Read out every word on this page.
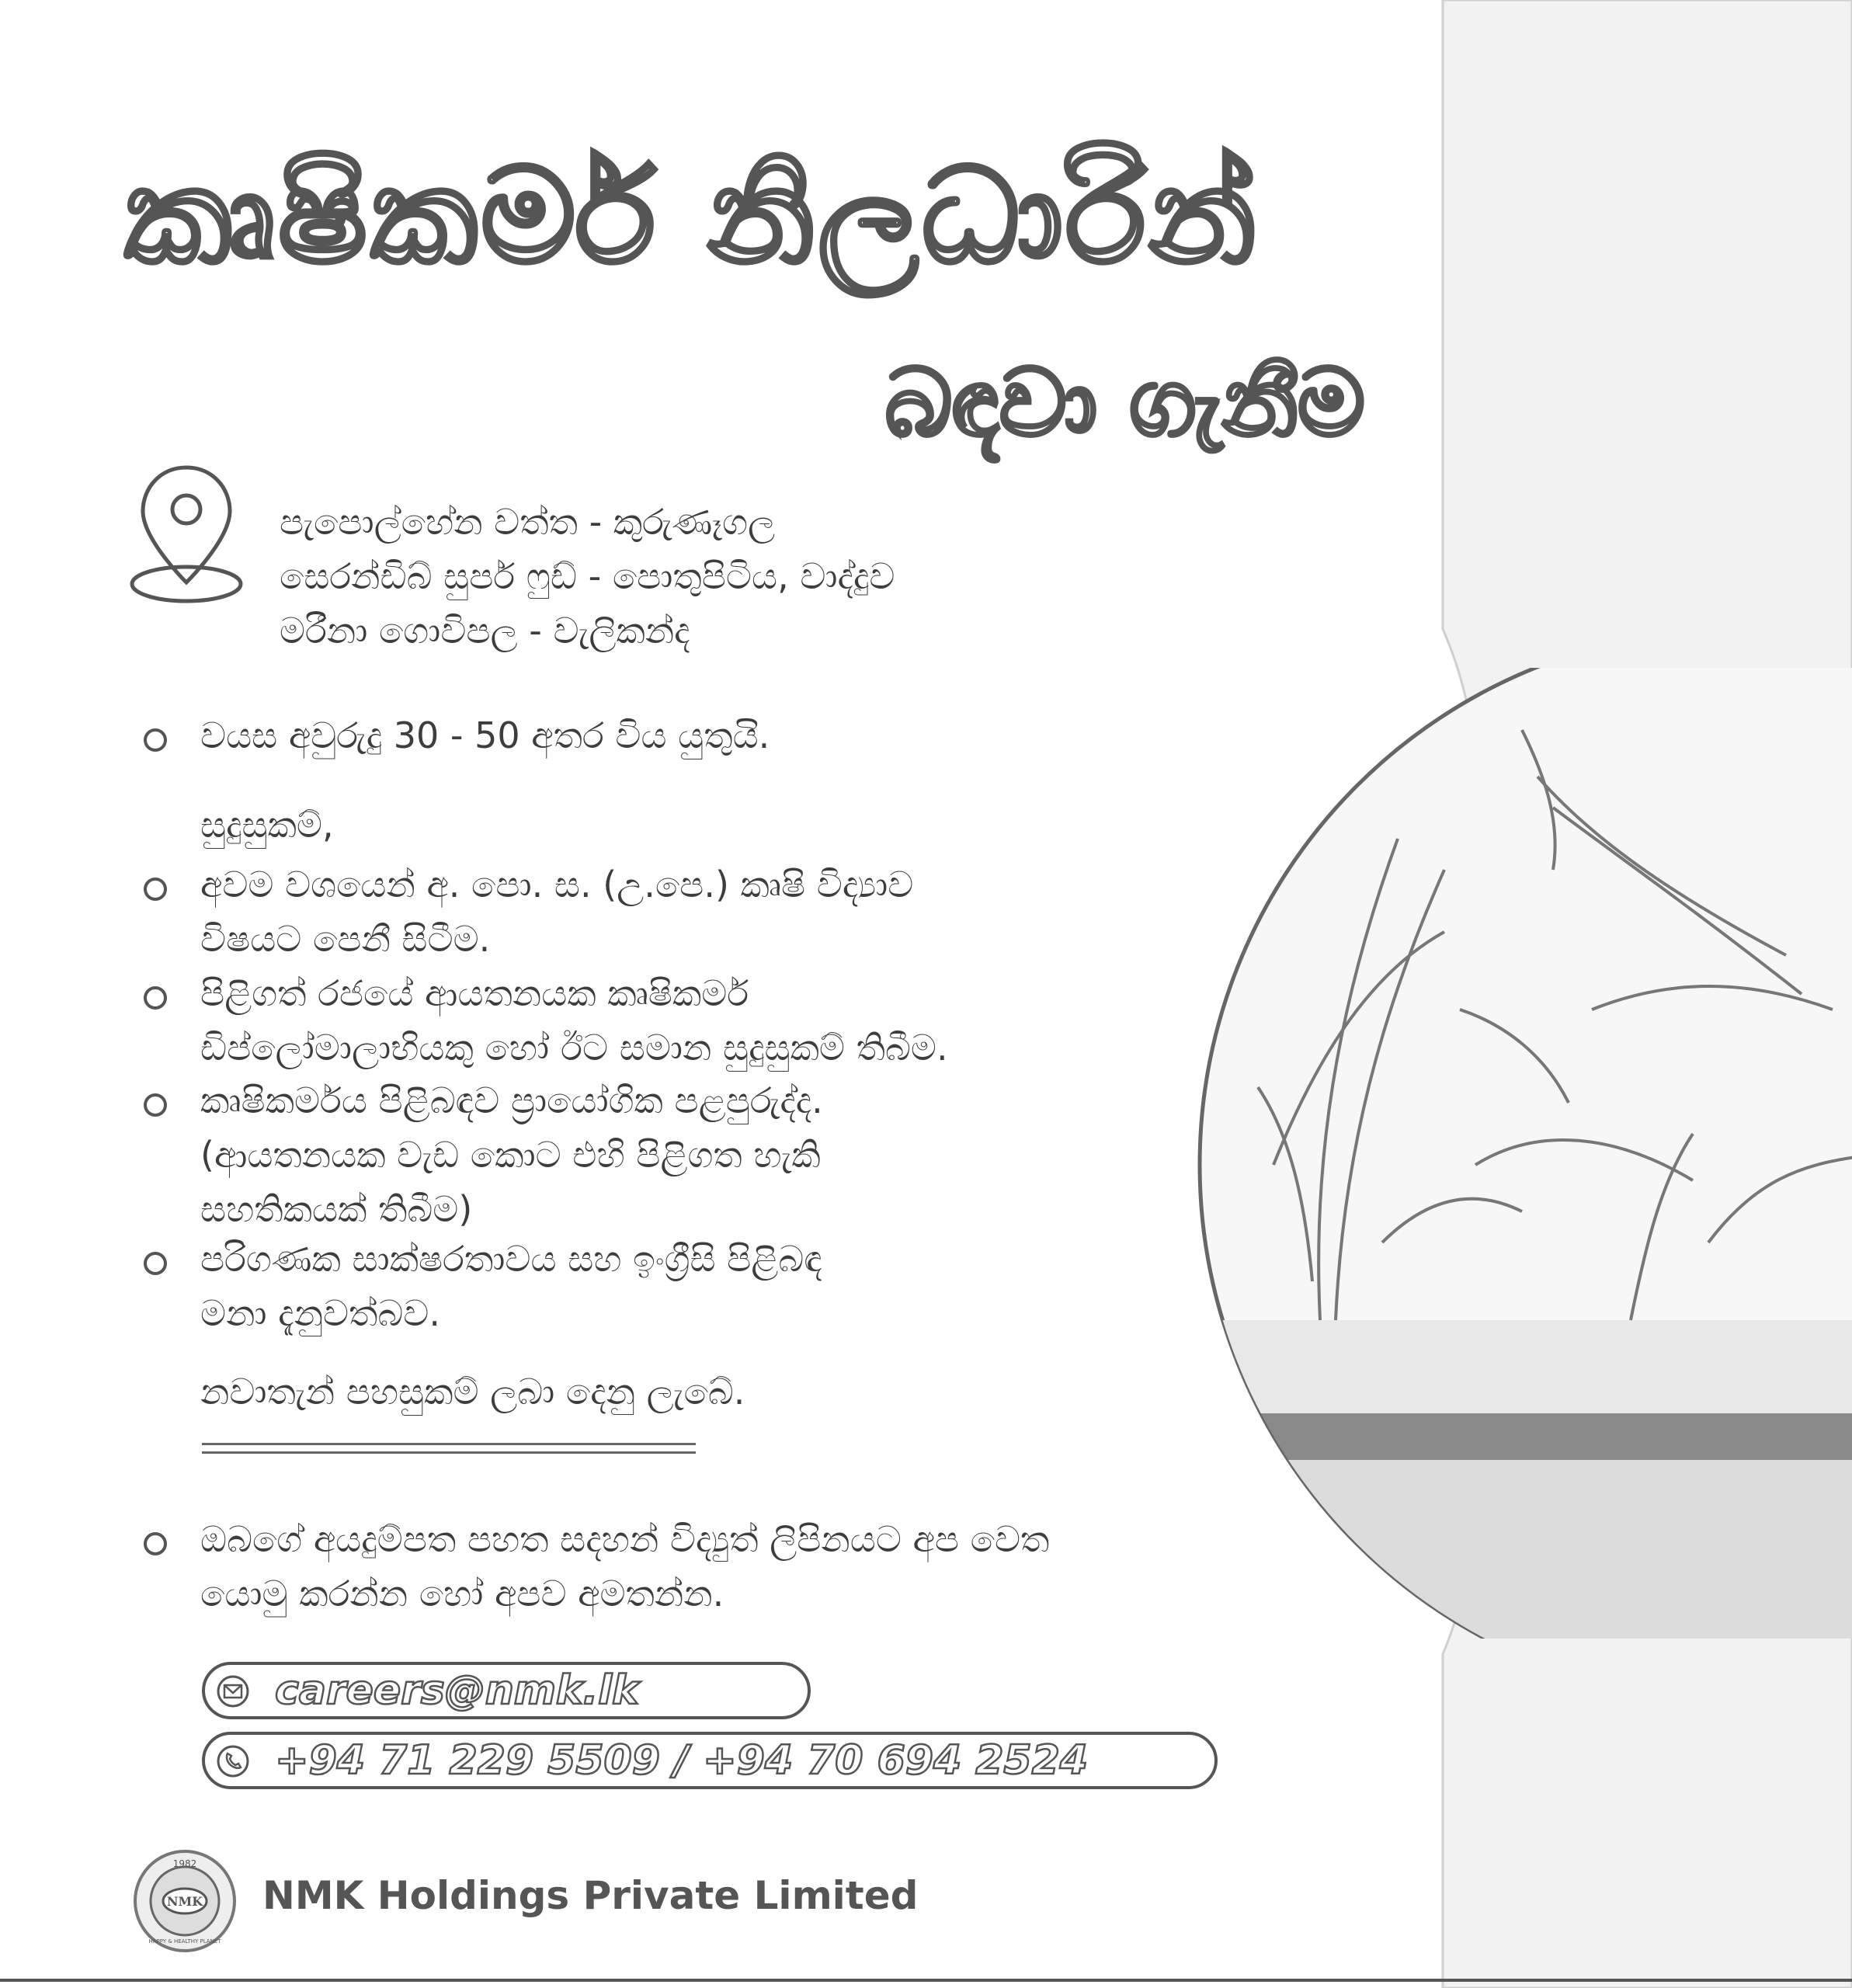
කෘෂිකර්ම නිලධාරින්
බඳවා ගැනීම
පැපොල්හේන වත්ත - කුරුණෑගල
සෙරන්ඩිබ් සුපර් ෆුඩ් - පොතුපිටිය, වාද්දුව
මරීනා ගොවිපල - වැලිකන්ද
වයස අවුරුදු 30 - 50 අතර විය යුතුයි.
සුදුසුකම්,
අවම වශයෙන් අ. පො. ස. (උ.පෙ.) කෘෂි විද්‍යාව
විෂයට පෙනී සිටීම.
පිළිගත් රජයේ ආයතනයක කෘෂිකර්ම
ඩිප්ලෝමාලාභියකු හෝ ඊට සමාන සුදුසුකම් තිබීම.
කෘෂිකර්මය පිළිබඳව ප්‍රායෝගික පළපුරුද්ද.
(ආයතනයක වැඩ කොට එහි පිළිගත හැකි
සහතිකයක් තිබීම)
පරිගණක සාක්ෂරතාවය සහ ඉංග්‍රීසි පිළිබඳ
මනා දැනුවත්බව.
නවාතැන් පහසුකම් ලබා දෙනු ලැබේ.
ඔබගේ අයදුම්පත පහත සදහන් විද්‍යුත් ලිපිනයට අප වෙත
යොමු කරන්න හෝ අපව අමතන්න.
careers@nmk.lk
+94 71 229 5509 / +94 70 694 2524
1982
NMK
HAPPY & HEALTHY PLANET
NMK Holdings Private Limited
